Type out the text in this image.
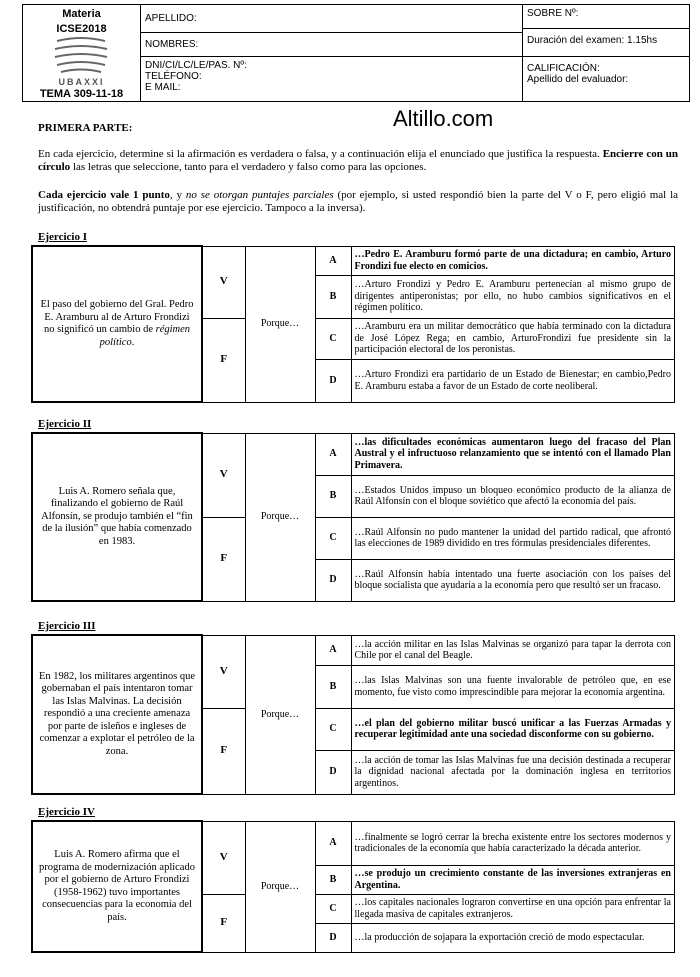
Materia
ICSE2018
UBAXXI
TEMA 309-11-18
APELLIDO:
NOMBRES:
DNI/CI/LC/LE/PAS. Nº:
TELÉFONO:
E MAIL:
SOBRE Nº:
Duración del examen: 1.15hs
CALIFICACIÓN:
Apellido del evaluador:
Altillo.com
PRIMERA PARTE:
En cada ejercicio, determine si la afirmación es verdadera o falsa, y a continuación elija el enunciado que justifica la respuesta. Encierre con un círculo las letras que seleccione, tanto para el verdadero y falso como para las opciones.
Cada ejercicio vale 1 punto, y no se otorgan puntajes parciales (por ejemplo, si usted respondió bien la parte del V o F, pero eligió mal la justificación, no obtendrá puntaje por ese ejercicio. Tampoco a la inversa).
Ejercicio I
El paso del gobierno del Gral. Pedro E. Aramburu al de Arturo Frondizi no significó un cambio de régimen político.	V	Porque…	A	…Pedro E. Aramburu formó parte de una dictadura; en cambio, Arturo Frondizi fue electo en comicios.
			B	…Arturo Frondizi y Pedro E. Aramburu pertenecían al mismo grupo de dirigentes antiperonistas; por ello, no hubo cambios significativos en el régimen político.
	F		C	…Aramburu era un militar democrático que había terminado con la dictadura de José López Rega; en cambio, ArturoFrondizi fue presidente sin la participación electoral de los peronistas.
			D	…Arturo Frondizi era partidario de un Estado de Bienestar; en cambio,Pedro E. Aramburu estaba a favor de un Estado de corte neoliberal.
Ejercicio II
Luis A. Romero señala que, finalizando el gobierno de Raúl Alfonsín, se produjo también el “fin de la ilusión” que había comenzado en 1983.	V	Porque…	A	…las dificultades económicas aumentaron luego del fracaso del Plan Austral y el infructuoso relanzamiento que se intentó con el llamado Plan Primavera.
			B	…Estados Unidos impuso un bloqueo económico producto de la alianza de Raúl Alfonsín con el bloque soviético que afectó la economía del país.
	F		C	…Raúl Alfonsín no pudo mantener la unidad del partido radical, que afrontó las elecciones de 1989 dividido en tres fórmulas presidenciales diferentes.
			D	…Raúl Alfonsín había intentado una fuerte asociación con los países del bloque socialista que ayudaría a la economía pero que resultó ser un fracaso.
Ejercicio III
En 1982, los militares argentinos que gobernaban el país intentaron tomar las Islas Malvinas. La decisión respondió a una creciente amenaza por parte de isleños e ingleses de comenzar a explotar el petróleo de la zona.	V	Porque…	A	…la acción militar en las Islas Malvinas se organizó para tapar la derrota con Chile por el canal del Beagle.
			B	…las Islas Malvinas son una fuente invalorable de petróleo que, en ese momento, fue visto como imprescindible para mejorar la economía argentina.
	F		C	…el plan del gobierno militar buscó unificar a las Fuerzas Armadas y recuperar legitimidad ante una sociedad disconforme con su gobierno.
			D	…la acción de tomar las Islas Malvinas fue una decisión destinada a recuperar la dignidad nacional afectada por la dominación inglesa en territorios argentinos.
Ejercicio IV
Luis A. Romero afirma que el programa de modernización aplicado por el gobierno de Arturo Frondizi (1958-1962) tuvo importantes consecuencias para la economía del país.	V	Porque…	A	…finalmente se logró cerrar la brecha existente entre los sectores modernos y tradicionales de la economía que había caracterizado la década anterior.
			B	…se produjo un crecimiento constante de las inversiones extranjeras en Argentina.
	F		C	…los capitales nacionales lograron convertirse en una opción para enfrentar la llegada masiva de capitales extranjeros.
			D	…la producción de sojapara la exportación creció de modo espectacular.
